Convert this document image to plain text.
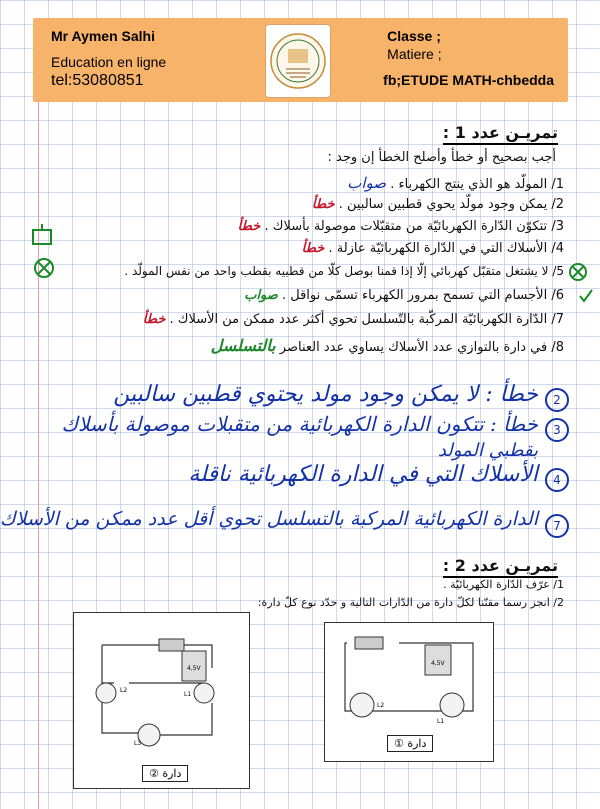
Mr Aymen Salhi
Education en ligne
tel:53080851
Classe ;
Matiere ;
fb;ETUDE MATH-chbedda
تمريـن عدد 1 :
أجب بصحيح أو خطأ وأصلح الخطأ إن وجد :
1/ المولّد هو الذي ينتج الكهرباء . صواب
2/ يمكن وجود مولّد يحوي قطبين سالبين . خطأ
3/ تتكوّن الدّارة الكهربائيّة من متقبّلات موصولة بأسلاك . خطأ
4/ الأسلاك التي في الدّارة الكهربائيّة عازلة . خطأ
5/ لا يشتغل متقبّل كهربائي إلّا إذا قمنا بوصل كلّا من قطبيه بقطب واحد من نفس المولّد .
6/ الأجسام التي تسمح بمرور الكهرباء تسمّى نواقل . صواب
7/ الدّارة الكهربائيّة المركّبة بالتّسلسل تحوي أكثر عدد ممكن من الأسلاك . خطأ
8/ في دارة بالتوازي عدد الأسلاك يساوي عدد العناصر بالتسلسل
2
خطأ : لا يمكن وجود مولد يحتوي قطبين سالبين
3
خطأ : تتكون الدارة الكهربائية من متقبلات موصولة بأسلاك
بقطبي المولد
4
الأسلاك التي في الدارة الكهربائية ناقلة
7
الدارة الكهربائية المركبة بالتسلسل تحوي أقل عدد ممكن من الأسلاك
تمريـن عدد 2 :
1/ عرّف الدّارة الكهربائيّة .
2/ انجز رسما مقنّنا لكلّ دارة من الدّارات التالية و حدّد نوع كلّ دارة:
4,5V
L2
L1
L3
دارة ②
4,5V
L2
L1
دارة ①
